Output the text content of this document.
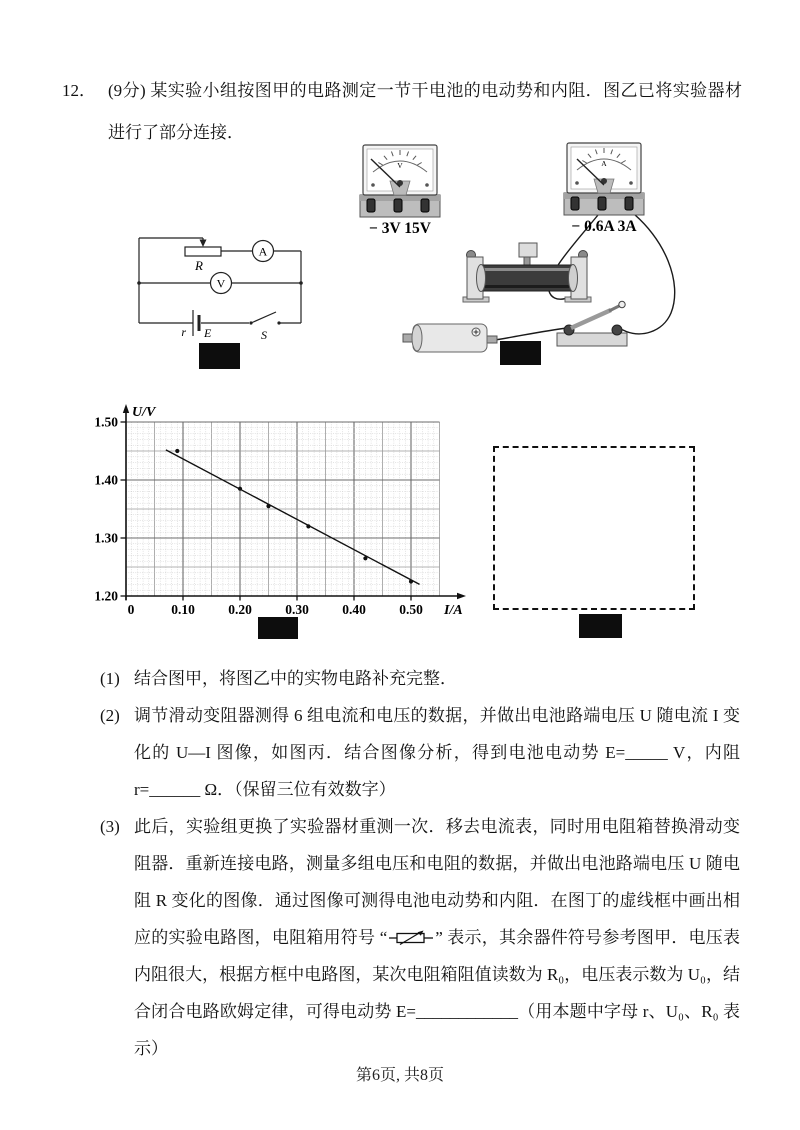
12． (9分) 某实验小组按图甲的电路测定一节干电池的电动势和内阻．图乙已将实验器材进行了部分连接．
R
A
V
r E	S
V
− 3V 15V
A
− 0.6A 3A
1.20
1.30
1.40
1.50
0	0.10 0.20 0.30 0.40 0.50
U/V
I/A
(1) 结合图甲，将图乙中的实物电路补充完整．
(2) 调节滑动变阻器测得 6 组电流和电压的数据，并做出电池路端电压 U 随电流 I 变化的 U—I 图像，如图丙．结合图像分析，得到电池电动势 E=_____ V，内阻 r=______ Ω．（保留三位有效数字）
(3) 此后，实验组更换了实验器材重测一次．移去电流表，同时用电阻箱替换滑动变阻器．重新连接电路，测量多组电压和电阻的数据，并做出电池路端电压 U 随电阻 R 变化的图像．通过图像可测得电池电动势和内阻．在图丁的虚线框中画出相应的实验电路图，电阻箱用符号 “	” 表示，其余器件符号参考图甲．电压表内阻很大，根据方框中电路图，某次电阻箱阻值读数为 R₀，电压表示数为 U₀，结合闭合电路欧姆定律，可得电动势 E=____________（用本题中字母 r、U₀、R₀ 表示）
第6页, 共8页
